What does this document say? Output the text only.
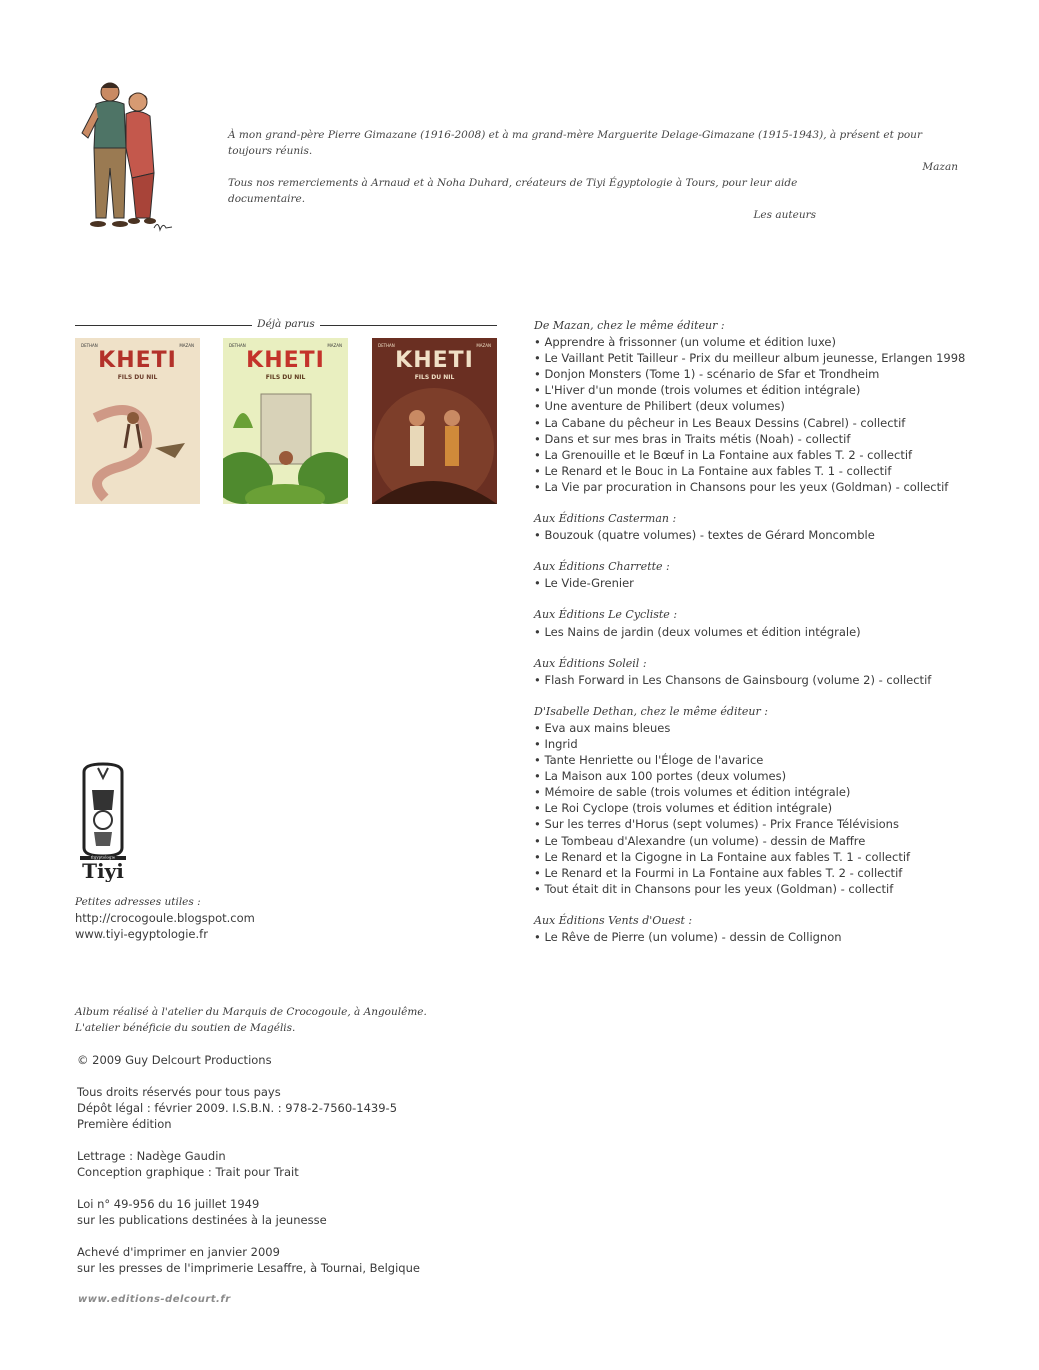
À mon grand-père Pierre Gimazane (1916-2008) et à ma grand-mère Marguerite Delage-Gimazane (1915-1943), à présent et pour toujours réunis.
Mazan
Tous nos remerciements à Arnaud et à Noha Duhard, créateurs de Tiyi Égyptologie à Tours, pour leur aide documentaire.
Les auteurs
Déjà parus
DETHAN	MAZAN
KHETI
FILS DU NIL
DETHAN	MAZAN
KHETI
FILS DU NIL
DETHAN	MAZAN
KHETI
FILS DU NIL
De Mazan, chez le même éditeur :
• Apprendre à frissonner (un volume et édition luxe)
• Le Vaillant Petit Tailleur - Prix du meilleur album jeunesse, Erlangen 1998
• Donjon Monsters (Tome 1) - scénario de Sfar et Trondheim
• L'Hiver d'un monde (trois volumes et édition intégrale)
• Une aventure de Philibert (deux volumes)
• La Cabane du pêcheur in Les Beaux Dessins (Cabrel) - collectif
• Dans et sur mes bras in Traits métis (Noah) - collectif
• La Grenouille et le Bœuf in La Fontaine aux fables T. 2 - collectif
• Le Renard et le Bouc in La Fontaine aux fables T. 1 - collectif
• La Vie par procuration in Chansons pour les yeux (Goldman) - collectif
Aux Éditions Casterman :
• Bouzouk (quatre volumes) - textes de Gérard Moncomble
Aux Éditions Charrette :
• Le Vide-Grenier
Aux Éditions Le Cycliste :
• Les Nains de jardin (deux volumes et édition intégrale)
Aux Éditions Soleil :
• Flash Forward in Les Chansons de Gainsbourg (volume 2) - collectif
D'Isabelle Dethan, chez le même éditeur :
• Eva aux mains bleues
• Ingrid
• Tante Henriette ou l'Éloge de l'avarice
• La Maison aux 100 portes (deux volumes)
• Mémoire de sable (trois volumes et édition intégrale)
• Le Roi Cyclope (trois volumes et édition intégrale)
• Sur les terres d'Horus (sept volumes) - Prix France Télévisions
• Le Tombeau d'Alexandre (un volume) - dessin de Maffre
• Le Renard et la Cigogne in La Fontaine aux fables T. 1 - collectif
• Le Renard et la Fourmi in La Fontaine aux fables T. 2 - collectif
• Tout était dit in Chansons pour les yeux (Goldman) - collectif
Aux Éditions Vents d'Ouest :
• Le Rêve de Pierre (un volume) - dessin de Collignon
Égyptologie
Tiyi
Petites adresses utiles :
http://crocogoule.blogspot.com
www.tiyi-egyptologie.fr
Album réalisé à l'atelier du Marquis de Crocogoule, à Angoulême.
L'atelier bénéficie du soutien de Magélis.
© 2009 Guy Delcourt Productions
Tous droits réservés pour tous pays
Dépôt légal : février 2009. I.S.B.N. : 978-2-7560-1439-5
Première édition
Lettrage : Nadège Gaudin
Conception graphique : Trait pour Trait
Loi n° 49-956 du 16 juillet 1949
sur les publications destinées à la jeunesse
Achevé d'imprimer en janvier 2009
sur les presses de l'imprimerie Lesaffre, à Tournai, Belgique
www.editions-delcourt.fr
